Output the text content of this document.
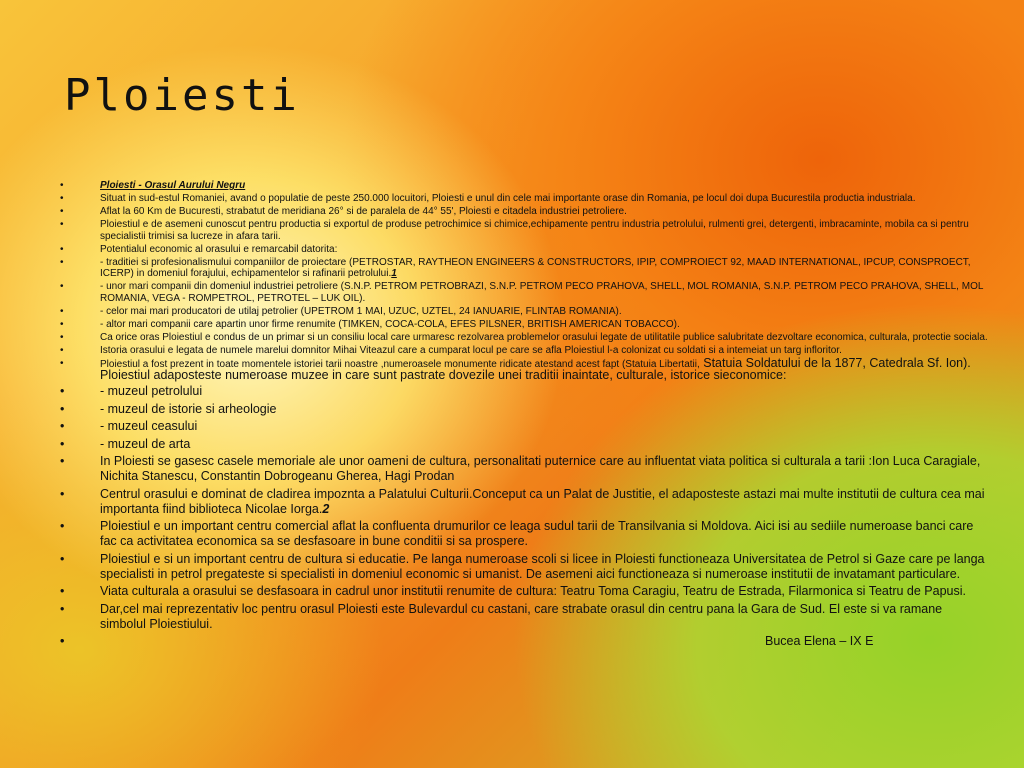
Ploiesti
• Ploiesti - Orasul Aurului Negru
• Situat in sud-estul Romaniei, avand o populatie de peste 250.000 locuitori, Ploiesti e unul din cele mai importante orase din Romania, pe locul doi dupa Bucurestila productia industriala.
• Aflat la 60 Km de Bucuresti, strabatut de meridiana 26° si de paralela de 44° 55', Ploiesti e citadela industriei petroliere.
• Ploiestiul e de asemeni cunoscut pentru productia si exportul de produse petrochimice si chimice,echipamente pentru industria petrolului, rulmenti grei, detergenti, imbracaminte, mobila ca si pentru specialistii trimisi sa lucreze in afara tarii.
• Potentialul economic al orasului e remarcabil datorita:
• - traditiei si profesionalismului companiilor de proiectare (PETROSTAR, RAYTHEON ENGINEERS & CONSTRUCTORS, IPIP, COMPROIECT 92, MAAD INTERNATIONAL, IPCUP, CONSPROECT, ICERP) in domeniul forajului, echipamentelor si rafinarii petrolului.1
• - unor mari companii din domeniul industriei petroliere (S.N.P. PETROM PETROBRAZI, S.N.P. PETROM PECO PRAHOVA, SHELL, MOL ROMANIA, S.N.P. PETROM PECO PRAHOVA, SHELL, MOL ROMANIA, VEGA - ROMPETROL, PETROTEL – LUK OIL).
• - celor mai mari producatori de utilaj petrolier (UPETROM 1 MAI, UZUC, UZTEL, 24 IANUARIE, FLINTAB ROMANIA).
• - altor mari companii care apartin unor firme renumite (TIMKEN, COCA-COLA, EFES PILSNER, BRITISH AMERICAN TOBACCO).
• Ca orice oras Ploiestiul e condus de un primar si un consiliu local care urmaresc rezolvarea problemelor orasului legate de utilitatile publice salubritate dezvoltare economica, culturala, protectie sociala.
• Istoria orasului e legata de numele marelui domnitor Mihai Viteazul care a cumparat locul pe care se afla Ploiestiul l-a colonizat cu soldati si a intemeiat un targ infloritor.
• Ploiestiul a fost prezent in toate momentele istoriei tarii noastre ,numeroasele monumente ridicate atestand acest fapt (Statuia Libertatii, Statuia Soldatului de la 1877, Catedrala Sf. Ion). Ploiestiul adaposteste numeroase muzee in care sunt pastrate dovezile unei traditii inaintate, culturale, istorice sieconomice:
• - muzeul petrolului
• - muzeul de istorie si arheologie
• - muzeul ceasului
• - muzeul de arta
• In Ploiesti se gasesc casele memoriale ale unor oameni de cultura, personalitati puternice care au influentat viata politica si culturala a tarii :Ion Luca Caragiale, Nichita Stanescu, Constantin Dobrogeanu Gherea, Hagi Prodan
• Centrul orasului e dominat de cladirea impoznta a Palatului Culturii.Conceput ca un Palat de Justitie, el adaposteste astazi mai multe institutii de cultura cea mai importanta fiind biblioteca Nicolae Iorga.2
• Ploiestiul e un important centru comercial aflat la confluenta drumurilor ce leaga sudul tarii de Transilvania si Moldova. Aici isi au sediile numeroase banci care fac ca activitatea economica sa se desfasoare in bune conditii si sa prospere.
• Ploiestiul e si un important centru de cultura si educatie. Pe langa numeroase scoli si licee in Ploiesti functioneaza Universitatea de Petrol si Gaze care pe langa specialisti in petrol pregateste si specialisti in domeniul economic si umanist. De asemeni aici functioneaza si numeroase institutii de invatamant particulare.
• Viata culturala a orasului se desfasoara in cadrul unor institutii renumite de cultura: Teatru Toma Caragiu, Teatru de Estrada, Filarmonica si Teatru de Papusi.
• Dar,cel mai reprezentativ loc pentru orasul Ploiesti este Bulevardul cu castani, care strabate orasul din centru pana la Gara de Sud. El este si va ramane simbolul Ploiestiului.
• Bucea Elena – IX E
